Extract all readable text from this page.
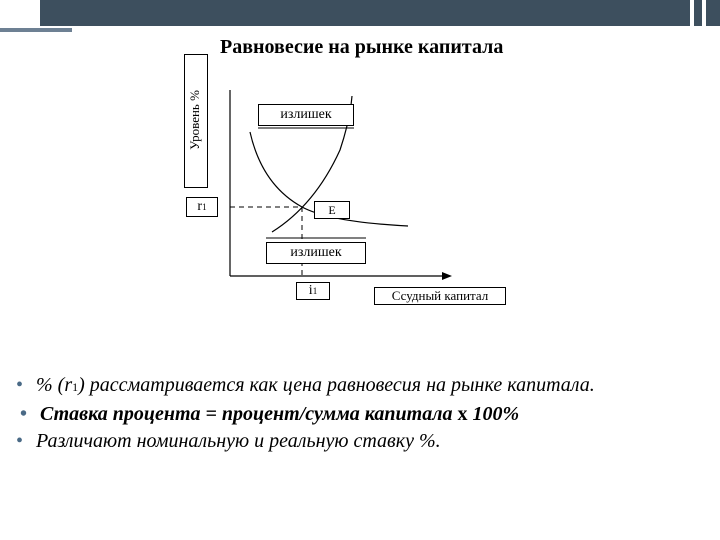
Равновесие на рынке капитала
Уровень %	излишек
r1	E
излишек
i1	Ссудный капитал
• % (r1) рассматривается как цена равновесия на рынке капитала.
• Ставка процента = процент/сумма капитала х 100%
• Различают номинальную и реальную ставку %.
